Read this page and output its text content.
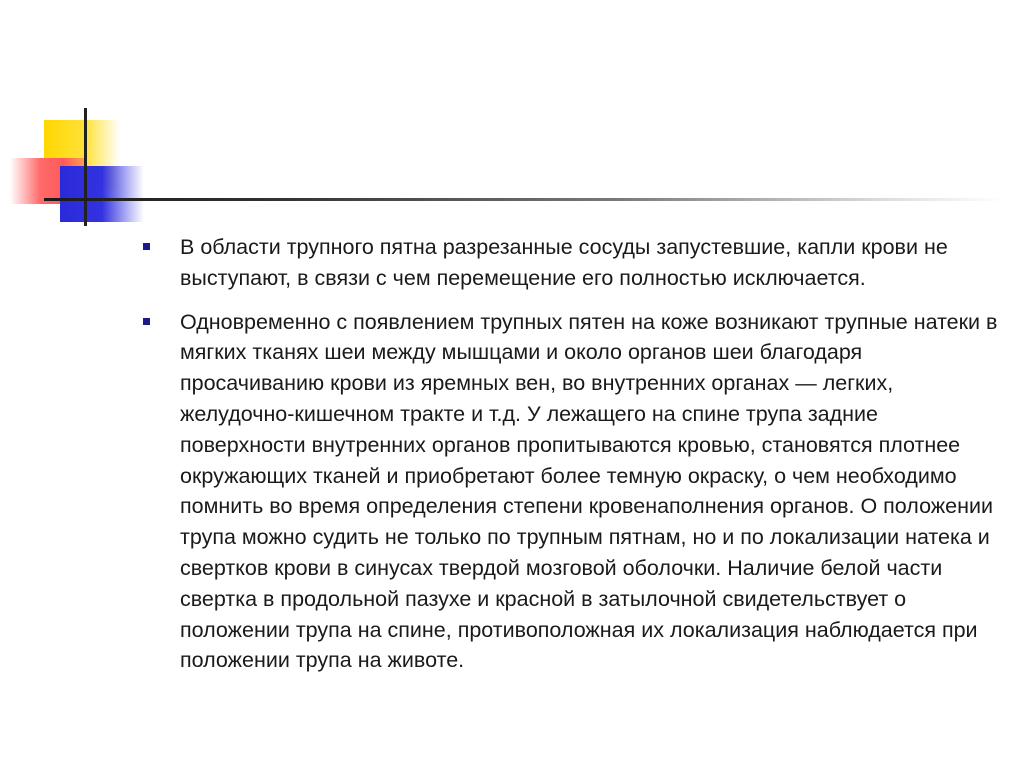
В области трупного пятна разрезанные сосуды запустевшие, капли крови не выступают, в связи с чем перемещение его полностью исключается.

Одновременно с появлением трупных пятен на коже возникают трупные натеки в мягких тканях шеи между мышцами и около органов шеи благодаря просачиванию крови из яремных вен, во внутренних органах — легких, желудочно-кишечном тракте и т.д. У лежащего на спине трупа задние поверхности внутренних органов пропитываются кровью, становятся плотнее окружающих тканей и приобретают более темную окраску, о чем необходимо помнить во время определения степени кровенаполнения органов. О положении трупа можно судить не только по трупным пятнам, но и по локализации натека и свертков крови в синусах твердой мозговой оболочки. Наличие белой части свертка в продольной пазухе и красной в затылочной свидетельствует о положении трупа на спине, противоположная их локализация наблюдается при положении трупа на животе.
